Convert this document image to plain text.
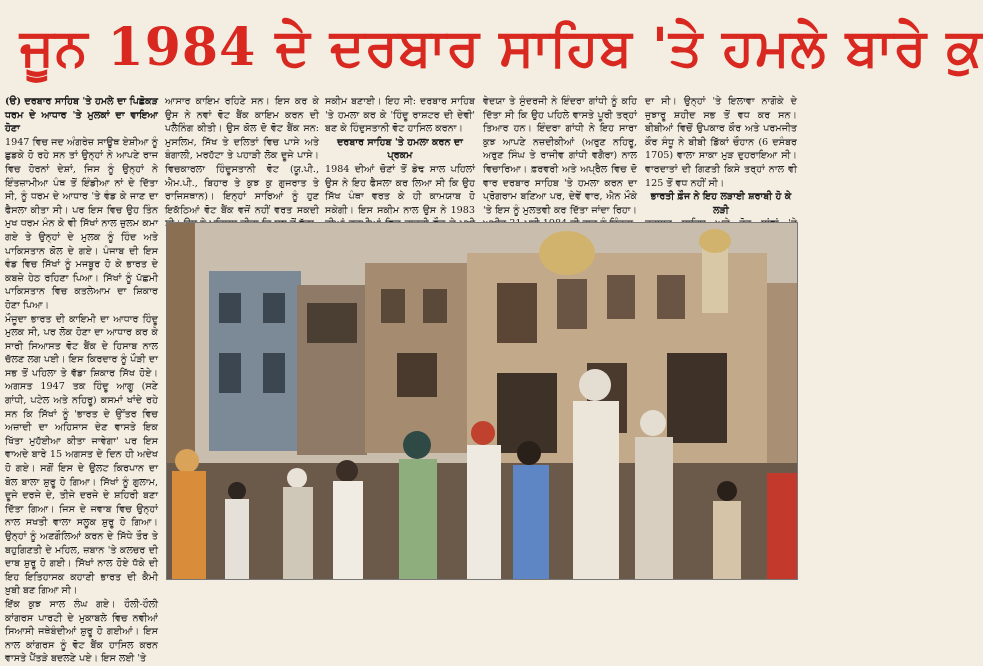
ਜੂਨ 1984 ਦੇ ਦਰਬਾਰ ਸਾਹਿਬ 'ਤੇ ਹਮਲੇ ਬਾਰੇ ਕੁ

(ੳ) ਦਰਬਾਰ ਸਾਹਿਬ 'ਤੇ ਹਮਲੇ ਦਾ ਪਿਛੋਕੜ ਧਰਮ ਦੇ ਆਧਾਰ 'ਤੇ ਮੁਲਕਾਂ ਦਾ ਵਾਇਆ ਹੋਣਾ

1947 ਵਿਚ ਜਦ ਅੰਗਰੇਜ਼ ਸਾਊਥ ਏਸ਼ੀਆ ਨੂੰ ਛੁਡਕੇ ਹੋ ਰਹੇ ਸਨ ਤਾਂ ਉਨ੍ਹਾਂ ਨੇ ਆਪਣੇ ਰਾਜ ਵਿਚ ਹੋਰਨਾਂ ਦੇਸ਼ਾਂ, ਜਿਸ ਨੂੰ ਉਨ੍ਹਾਂ ਨੇ ਇੰਤਜ਼ਾਮੀਆ ਪੰਥ ਤੋਂ ਇੰਡੀਆ ਨਾਂ ਦੇ ਦਿੱਤਾ ਸੀ, ਨੂੰ ਧਰਮ ਦੇ ਆਧਾਰ 'ਤੇ ਵੰਡ ਕੇ ਜਾਣ ਦਾ ਫੈਸਲਾ ਕੀਤਾ ਸੀ। ਪਰ ਇਸ ਵਿਚ ਉਹ ਤਿੰਨ ਮੁਖ ਧਰਮ ਮੰਨ ਕੇ ਵੀ ਸਿੱਖਾਂ ਨਾਲ ਜ਼ੁਲਮ ਕਮਾ ਗਏ ਤੇ ਉਨ੍ਹਾਂ ਦੇ ਮੁਲਕ ਨੂੰ ਹਿੰਦ ਅਤੇ ਪਾਕਿਸਤਾਨ ਕੋਲ ਦੇ ਗਏ। ਪੰਜਾਬ ਦੀ ਇਸ ਵੰਡ ਵਿਚ ਸਿੱਖਾਂ ਨੂੰ ਮਜਬੂਰ ਹੋ ਕੇ ਭਾਰਤ ਦੇ ਕਬਜ਼ੇ ਹੇਠ ਰਹਿਣਾ ਪਿਆ। ਸਿੱਖਾਂ ਨੂੰ ਪੱਛਮੀ ਪਾਕਿਸਤਾਨ ਵਿਚ ਕਤਲੇਆਮ ਦਾ ਸ਼ਿਕਾਰ ਹੋਣਾ ਪਿਆ।

ਮੌਜੂਦਾ ਭਾਰਤ ਦੀ ਕਾਇਮੀ ਦਾ ਆਧਾਰ ਹਿੰਦੂ ਮੁਲਕ ਸੀ, ਪਰ ਲੋਕ ਹੋਣਾ ਦਾ ਆਧਾਰ ਕਰ ਕੇ ਸਾਰੀ ਸਿਆਸਤ ਵੋਟ ਬੈਂਕ ਦੇ ਹਿਸਾਬ ਨਾਲ ਚੱਲਣ ਲਗ ਪਈ। ਇਸ ਕਿਰਦਾਰ ਨੂੰ ਪੌੜੀ ਦਾ ਸਭ ਤੋਂ ਪਹਿਲਾ ਤੇ ਵੱਡਾ ਸ਼ਿਕਾਰ ਸਿੱਖ ਹੋਏ। ਅਗਸਤ 1947 ਤਕ ਹਿੰਦੂ ਆਗੂ (ਸਣੇ ਗਾਂਧੀ, ਪਟੇਲ ਅਤੇ ਨਹਿਰੂ) ਕਸਮਾਂ ਖਾਂਦੇ ਰਹੇ ਸਨ ਕਿ ਸਿੱਖਾਂ ਨੂੰ 'ਭਾਰਤ ਦੇ ਉੱਤਰ ਵਿਚ ਅਜ਼ਾਦੀ ਦਾ ਅਹਿਸਾਸ ਦੇਣ ਵਾਸਤੇ ਇਕ ਖਿੱਤਾ ਮੁਹੱਈਆ ਕੀਤਾ ਜਾਵੇਗਾ' ਪਰ ਇਸ ਵਾਅਦੇ ਬਾਰੇ 15 ਅਗਸਤ ਦੇ ਦਿਨ ਹੀ ਅਦੇਖ ਹੋ ਗਏ। ਸਗੋਂ ਇਸ ਦੇ ਉਲਟ ਕਿਰਪਾਨ ਦਾ ਬੋਲ ਬਾਲਾ ਸ਼ੁਰੂ ਹੋ ਗਿਆ। ਸਿੱਖਾਂ ਨੂੰ ਗੁਲਾਮ, ਦੂਜੇ ਦਰਜੇ ਦੇ, ਤੀਜੇ ਦਰਜੇ ਦੇ ਸ਼ਹਿਰੀ ਬਣਾ ਦਿੱਤਾ ਗਿਆ। ਜਿਸ ਦੇ ਜਵਾਬ ਵਿਚ ਉਨ੍ਹਾਂ ਨਾਲ ਸਖਤੀ ਵਾਲਾ ਸਲੂਕ ਸ਼ੁਰੂ ਹੋ ਗਿਆ। ਉਨ੍ਹਾਂ ਨੂੰ ਅਣਗੌਲਿਆਂ ਕਰਨ ਦੇ ਸਿੱਧੇ ਤੌਰ ਤੇ ਬਹੁਗਿਣਤੀ ਦੇ ਮਹਿਲ, ਜ਼ਬਾਨ 'ਤੇ ਕਲਚਰ ਦੀ ਦਾਬ ਸ਼ੁਰੂ ਹੋ ਗਈ। ਸਿੱਖਾਂ ਨਾਲ ਹੋਏ ਧੱਕੇ ਦੀ ਇਹ ਇਤਿਹਾਸਕ ਕਹਾਣੀ ਭਾਰਤ ਦੀ ਕੈਮੀ ਖ਼ੁਬੀ ਬਣ ਗਿਆ ਸੀ।

ਇੱਕ ਕੁਝ ਸਾਲ ਲੰਘ ਗਏ। ਹੌਲੀ-ਹੌਲੀ ਕਾਂਗਰਸ ਪਾਰਟੀ ਦੇ ਮੁਕਾਬਲੇ ਵਿਚ ਨਵੀਆਂ ਸਿਆਸੀ ਜਥੇਬੰਦੀਆਂ ਸ਼ੁਰੂ ਹੋ ਗਈਆਂ। ਇਸ ਨਾਲ ਕਾਂਗਰਸ ਨੂੰ ਵੋਟ ਬੈਂਕ ਹਾਸਿਲ ਕਰਨ ਵਾਸਤੇ ਪੈਂਤੜੇ ਬਦਲਣੇ ਪਏ। ਇਸ ਲਈ 'ਤੇ

ਆਸਾਰ ਕਾਇਮ ਰਹਿਣੇ ਸਨ। ਇਸ ਕਰ ਕੇ ਉਸ ਨੇ ਨਵਾਂ ਵੋਟ ਬੈਂਕ ਕਾਇਮ ਕਰਨ ਦੀ ਪਲੈਨਿੰਗ ਕੀਤੀ। ਉਸ ਕੋਲ ਦੋ ਵੋਟ ਬੈਂਕ ਸਨ: ਮੁਸਲਿਮ, ਸਿੱਖ ਤੇ ਦਲਿਤਾਂ ਵਿਚ ਪਾਸੇ ਅਤੇ ਬੰਗਾਲੀ, ਮਰਹੱਟਾ ਤੇ ਪਹਾੜੀ ਲੋਕ ਦੂਜੇ ਪਾਸੇ। ਵਿਚਕਾਰਲਾ ਹਿੰਦੂਸਤਾਨੀ ਵੋਟ (ਯੂ.ਪੀ., ਐਮ.ਪੀ., ਬਿਹਾਰ ਤੇ ਕੁਝ ਕੁ ਗੁਜਰਾਤ ਤੇ ਰਾਜਿਸਥਾਨ)। ਇਨ੍ਹਾਂ ਸਾਰਿਆਂ ਨੂੰ ਹੁਣ ਇਕੱਠਿਆਂ ਵੋਟ ਬੈਂਕ ਵਜੋਂ ਨਹੀਂ ਵਰਤ ਸਕਦੀ

ਸਕੀਮ ਬਣਾਈ। ਇਹ ਸੀ: ਦਰਬਾਰ ਸਾਹਿਬ 'ਤੇ ਹਮਲਾ ਕਰ ਕੇ 'ਹਿੰਦੂ ਰਾਸ਼ਟਰ ਦੀ ਦੇਵੀ' ਬਣ ਕੇ ਹਿੰਦੁਸਤਾਨੀ ਵੋਟ ਹਾਸਿਲ ਕਰਨਾ।

ਦਰਬਾਰ ਸਾਹਿਬ 'ਤੇ ਹਮਲਾ ਕਰਨ ਦਾ ਪ੍ਰਕਮ

1984 ਦੀਆਂ ਚੋਣਾਂ ਤੋਂ ਡੇਢ ਸਾਲ ਪਹਿਲਾਂ ਉਸ ਨੇ ਇਹ ਫੈਸਲਾ ਕਰ ਲਿਆ ਸੀ ਕਿ ਉਹ ਸਿੱਖ ਪੰਥਾ ਵਰਤ ਕੇ ਹੀ ਕਾਮਯਾਬ ਹੋ ਸਕੇਗੀ। ਇਸ ਸਕੀਮ ਨਾਲ ਉਸ ਨੇ 1983

ਵੇਦਯਾ ਤੇ ਸੁੰਦਰਜੀ ਨੇ ਇੰਦਰਾ ਗਾਂਧੀ ਨੂੰ ਕਹਿ ਦਿੱਤਾ ਸੀ ਕਿ ਉਹ ਪਹਿਲੇ ਵਾਸਤੇ ਪੂਰੀ ਤਰ੍ਹਾਂ ਤਿਆਰ ਹਨ। ਇੰਦਰਾ ਗਾਂਧੀ ਨੇ ਇਹ ਸਾਰਾ ਕੁਝ ਆਪਣੇ ਨਜ਼ਦੀਕੀਆਂ (ਅਰੁਣ ਨਹਿਰੂ, ਅਰੁਣ ਸਿੰਘ ਤੇ ਰਾਜੀਵ ਗਾਂਧੀ ਵਗੈਰਾ) ਨਾਲ ਵਿਚਾਰਿਆ। ਫ਼ਰਵਰੀ ਅਤੇ ਅਪ੍ਰੈਲ ਵਿਚ ਦੋ ਵਾਰ ਦਰਬਾਰ ਸਾਹਿਬ 'ਤੇ ਹਮਲਾ ਕਰਨ ਦਾ ਪ੍ਰੋਗਰਾਮ ਬਣਿਆ ਪਰ, ਦੇਵੇਂ ਵਾਰ, ਐਨ ਮੌਕੇ 'ਤੇ ਇਸ ਨੂੰ ਮੁਲਤਵੀ ਕਰ ਦਿੱਤਾ ਜਾਂਦਾ ਰਿਹਾ।

ਦਾ ਸੀ। ਉਨ੍ਹਾਂ 'ਤੇ ਇਲਾਵਾ ਨਾਗੋਕੇ ਦੇ ਜੁਝਾਰੂ ਸ਼ਹੀਦ ਸਭ ਤੋਂ ਵਧ ਕਰ ਸਨ। ਬੀਬੀਆਂ ਵਿਚੋਂ ਉਪਕਾਰ ਕੌਰ ਅਤੇ ਪਰਮਜੀਤ ਕੌਰ ਸੰਧੂ ਨੇ ਬੀਬੀ ਡਿੱਕਾਂ ਚੌਹਾਨ (6 ਦਸੰਬਰ 1705) ਵਾਲਾ ਸਾਕਾ ਮੁੜ ਦੁਹਰਾਇਆ ਸੀ। ਵਾਰਦਾਤਾਂ ਦੀ ਗਿਣਤੀ ਕਿਸੇ ਤਰ੍ਹਾਂ ਨਾਲ ਵੀ 125 ਤੋਂ ਵਧ ਨਹੀਂ ਸੀ।

ਭਾਰਤੀ ਫ਼ੌਜ ਨੇ ਇਹ ਲੜਾਈ ਸ਼ਰਾਬੀ ਹੋ ਕੇ ਲੜੀ
